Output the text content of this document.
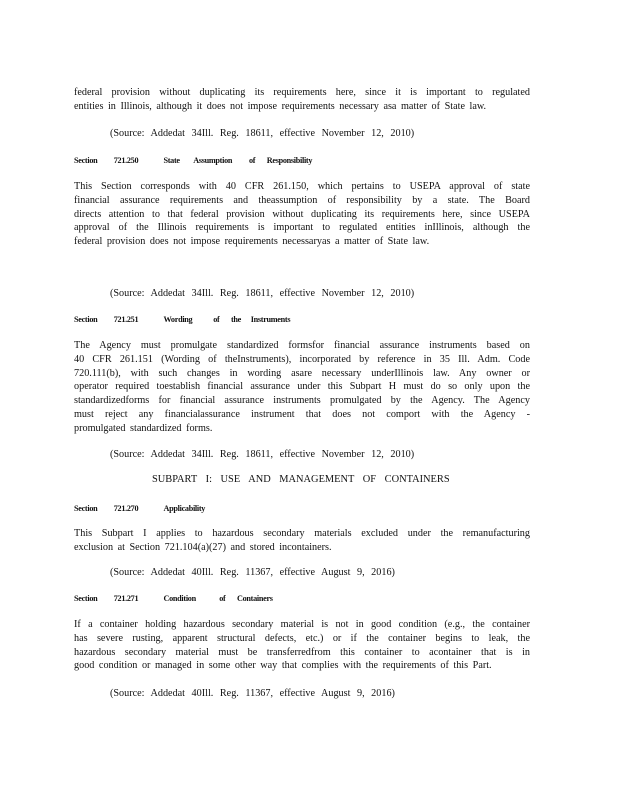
federal provision without duplicating its requirements here, since it is important to regulated
entities in Illinois, although it does not impose requirements necessary asa matter of State law.
(Source: Addedat 34Ill. Reg. 18611, effective November 12, 2010)
Section 721.250	State Assumption of Responsibility
This Section corresponds with 40 CFR 261.150, which pertains to USEPA approval of state
financial assurance requirements and theassumption of responsibility by a state. The Board
directs attention to that federal provision without duplicating its requirements here, since USEPA
approval of the Illinois requirements is important to regulated entities inIllinois, although the
federal provision does not impose requirements necessaryas a matter of State law.
(Source: Addedat 34Ill. Reg. 18611, effective November 12, 2010)
Section 721.251	Wording	of the Instruments
The Agency must promulgate standardized formsfor financial assurance instruments based on
40 CFR 261.151 (Wording of theInstruments), incorporated by reference in 35 Ill. Adm. Code
720.111(b), with such changes in wording asare necessary underIllinois law. Any owner or
operator required toestablish financial assurance under this Subpart H must do so only upon the
standardizedforms for financial assurance instruments promulgated by the Agency. The Agency
must reject any financialassurance instrument that does not comport with the Agency -
promulgated standardized forms.
(Source: Addedat 34Ill. Reg. 18611, effective November 12, 2010)
SUBPART I: USE AND MANAGEMENT OF CONTAINERS
Section 721.270	Applicability
This Subpart I applies to hazardous secondary materials excluded under the remanufacturing
exclusion at Section 721.104(a)(27) and stored incontainers.
(Source: Addedat 40Ill. Reg. 11367, effective August 9, 2016)
Section 721.271	Condition	of Containers
If a container holding hazardous secondary material is not in good condition (e.g., the container
has severe rusting, apparent structural defects, etc.) or if the container begins to leak, the
hazardous secondary material must be transferredfrom this container to acontainer that is in
good condition or managed in some other way that complies with the requirements of this Part.
(Source: Addedat 40Ill. Reg. 11367, effective August 9, 2016)
